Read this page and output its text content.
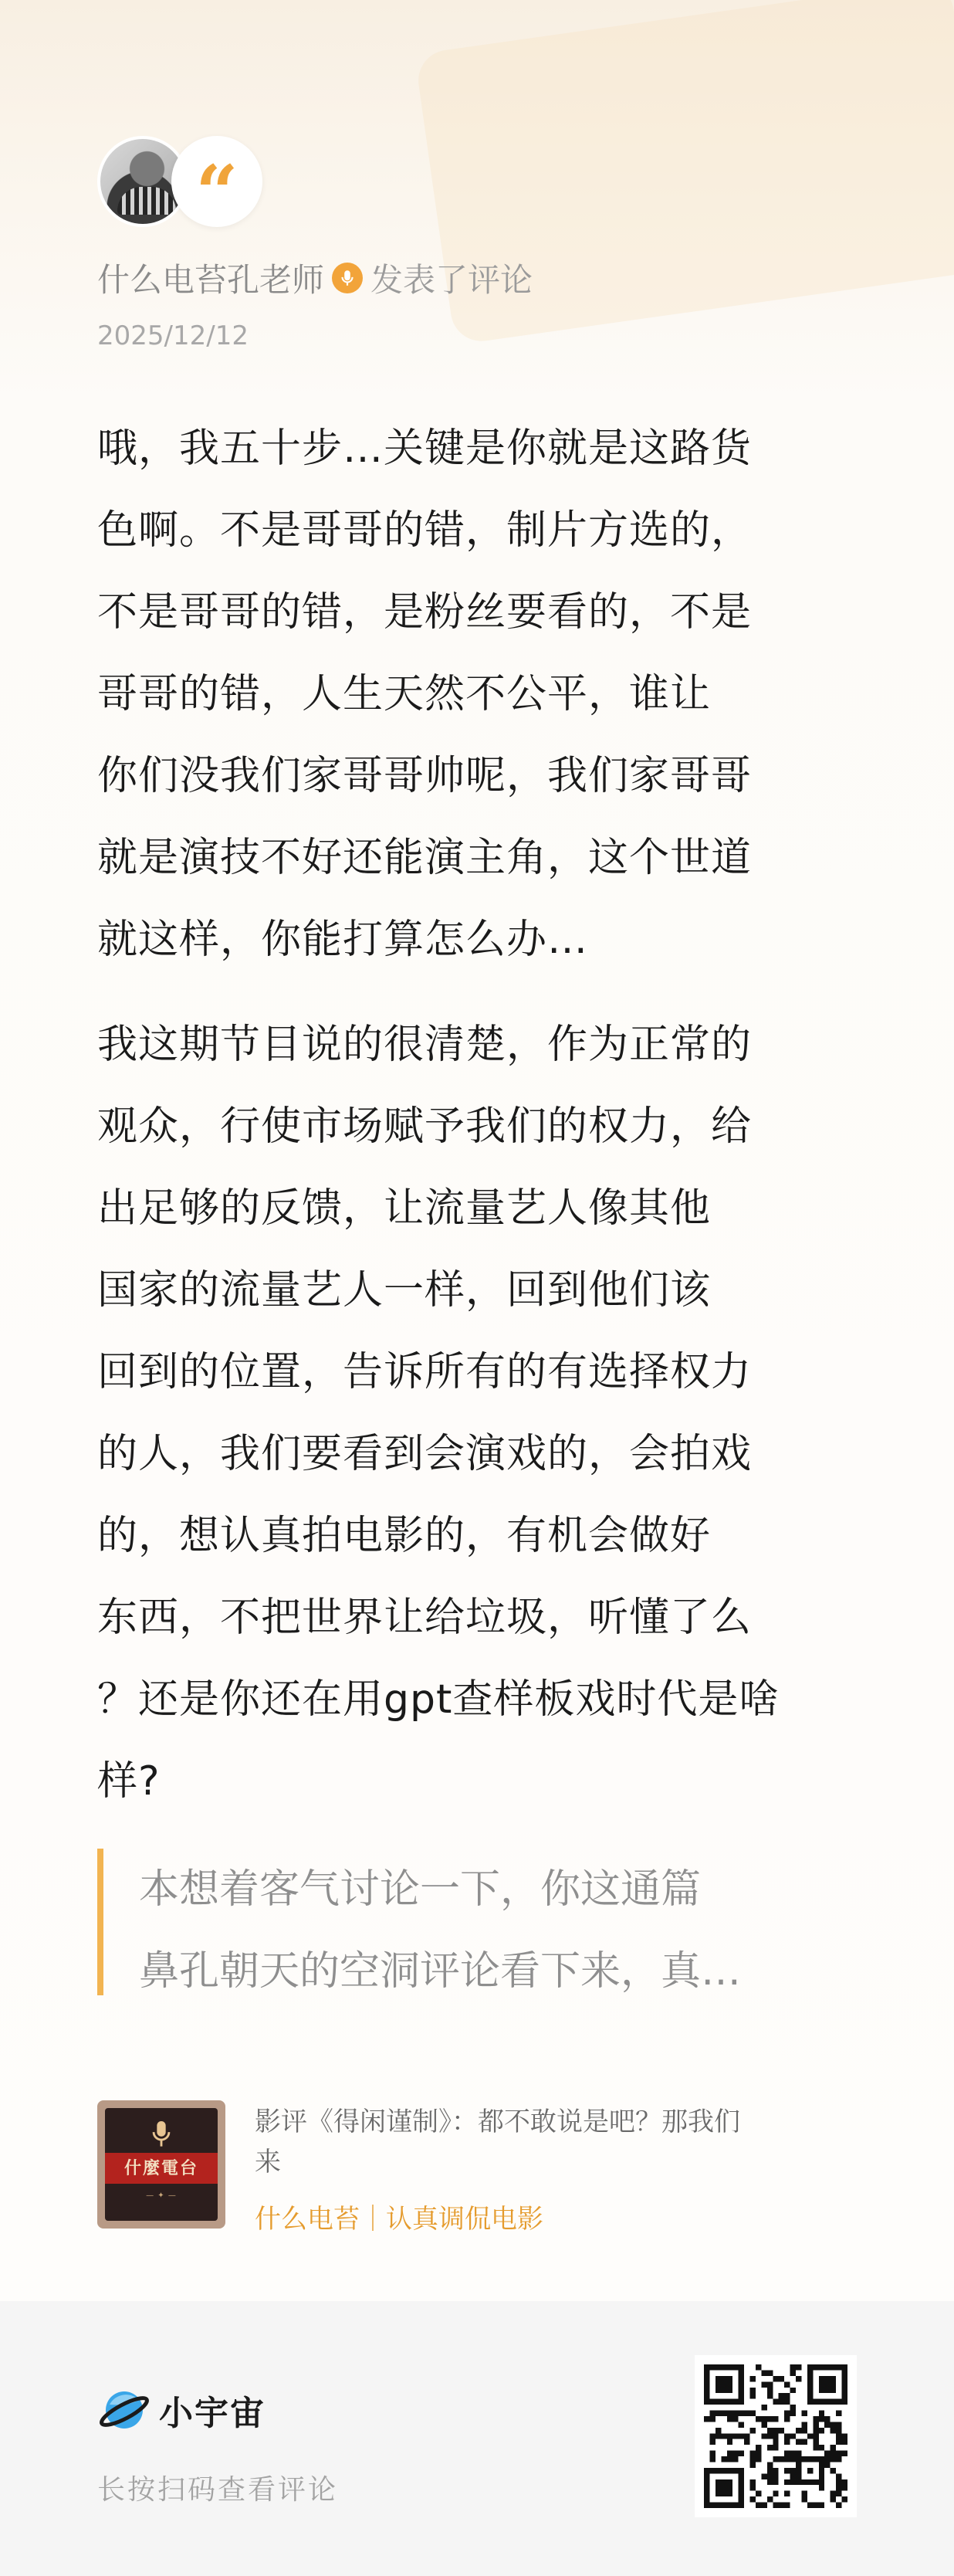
“
什么电苔孔老师 发表了评论
2025/12/12

哦，我五十步…关键是你就是这路货
色啊。不是哥哥的错，制片方选的，
不是哥哥的错，是粉丝要看的，不是
哥哥的错，人生天然不公平，谁让
你们没我们家哥哥帅呢，我们家哥哥
就是演技不好还能演主角，这个世道
就这样，你能打算怎么办…

我这期节目说的很清楚，作为正常的
观众，行使市场赋予我们的权力，给
出足够的反馈，让流量艺人像其他
国家的流量艺人一样，回到他们该
回到的位置，告诉所有的有选择权力
的人，我们要看到会演戏的，会拍戏
的，想认真拍电影的，有机会做好
东西，不把世界让给垃圾，听懂了么
？还是你还在用gpt查样板戏时代是啥
样?

本想着客气讨论一下，你这通篇

鼻孔朝天的空洞评论看下来，真…

什麼電台
— ✦ —
影评《得闲谨制》：都不敢说是吧？那我们
来
什么电苔｜认真调侃电影
小宇宙
长按扫码查看评论
